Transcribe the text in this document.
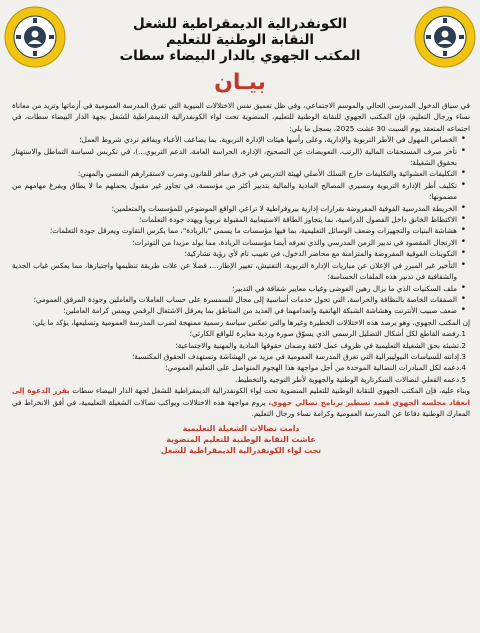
الكونفدرالية الديمقراطية للشغل
النقابة الوطنية للتعليم
المكتب الجهوي بالدار البيضاء سطات
بيـان

في سياق الدخول المدرسي الحالي والموسم الاجتماعي، وفي ظل تعميق نفس الاختلالات البنيوية التي تفرق المدرسة العمومية في أزماتها وتزيد من معاناة نساء ورجال التعليم، فإن المكتب الجهوي للنقابة الوطنية للتعليم، المنضوية تحت لواء الكونفدرالية الديمقراطية للشغل بجهة الدار البيضاء سطات، في اجتماعه المنعقد يوم السبت 30 غشت 2025، يسجل ما يلي:

• الخصاص المهول في الأطر التربوية والإدارية، وعلى رأسها هيئات الإدارة التربوية، بما يضاعف الأعباء ويفاقم تردي شروط العمل؛
• تأخر صرف المستحقات المالية (الرتب، التعويضات عن التصحيح، الإدارة، الحراسة العامة، الدعم التربوي...)، في تكريس لسياسة التماطل والاستهتار بحقوق الشغيلة؛
• التكليفات العشوائية والتكليفات خارج السلك الأصلي لهيئة التدريس في خرق سافر للقانون وضرب لاستقرارهم النفسي والمهني؛
• تكليف أطر الإدارة التربوية ومسيري المصالح المادية والمالية بتدبير أكثر من مؤسسة، في تجاوز غير مقبول يحملهم ما لا يطاق ويفرغ مهامهم من مضمونها؛
• الخريطة المدرسية الفوقية المفروضة بقرارات إدارية بيروقراطية لا تراعي الواقع الموضوعي للمؤسسات والمتعلمين؛
• الاكتظاظ الخانق داخل الفصول الدراسية، بما يتجاوز الطاقة الاستيعابية المقبولة تربويا ويهدد جودة التعلمات؛
• هشاشة البنيات والتجهيزات وضعف الوسائل التعليمية، بما فيها مؤسسات ما يسمى "بالريادة"، مما يكرس التفاوت ويعرقل جودة التعلمات؛
• الارتجال المقصود في تدبير الزمن المدرسي والذي تعرفه أيضا مؤسسات الريادة، مما يولد مزيدا من التوترات؛
• التكوينات الفوقية المفروضة والمتزامنة مع محاضر الدخول، في تغييب تام لأي رؤية تشاركية؛
• التأخير غير المبرر في الإعلان عن مباريات الإدارة التربوية، التفتيش، تغيير الإطار...، فضلا عن علات طريقة تنظيمها واجتيازها، مما يعكس غياب الجدية والشفافية في تدبير هذه الملفات الحساسة؛
• ملف السكنيات الذي ما يزال رهين الفوضى وغياب معايير شفافة في التدبير؛
• الصفقات الخاصة بالنظافة والحراسة، التي تحول خدمات أساسية إلى مجال للسمسرة على حساب العاملات والعاملين وجودة المرفق العمومي؛
• ضعف صبيب الأنترنت وهشاشة الشبكة الهاتفية وانعدامهما في العديد من المناطق بما يعرقل الاشتغال الرقمي ويمس كرامة العاملين؛

إن المكتب الجهوي، وهو يرصد هذه الاختلالات الخطيرة وغيرها والتي تعكس سياسة رسمية ممنهجة لضرب المدرسة العمومية وتسليعها، يؤكد ما يلي:

1.رفضه القاطع لكل أشكال التضليل الرسمي الذي يسوّق صورة وردية مغايرة للواقع الكارثي؛
2.تشبثه بحق الشغيلة التعليمية في ظروف عمل لائقة وضمان حقوقها المادية والمهنية والاجتماعية؛
3.إدانته للسياسات النيوليبرالية التي تغرق المدرسة العمومية في مزيد من الهشاشة وتستهدف الحقوق المكتسبة؛
4.دعمه لكل المبادرات النضالية الموحدة من أجل مواجهة هذا الهجوم المتواصل على التعليم العمومي؛
5.دعمه الفعلي لنضالات السكرتارية الوطنية والجهوية لأطر التوجيه والتخطيط.

وبناء عليه، فإن المكتب الجهوي للنقابة الوطنية للتعليم المنضوية تحت لواء الكونفدرالية الديمقراطية للشغل لجهة الدار البيضاء سطات يقرر الدعوة إلى انعقاد مجلسه الجهوي قصد تسطير برنامج نضالي جهوي، يروم مواجهة هذه الاختلالات ويواكب نضالات الشغيلة التعليمية، في أفق الانخراط في المعارك الوطنية دفاعا عن المدرسة العمومية وكرامة نساء ورجال التعليم.

دامت نضالات الشغيلة التعليمية
عاشت النقابة الوطنية للتعليم المنضوية
تحت لواء الكونفدرالية الديمقراطية للشغل
